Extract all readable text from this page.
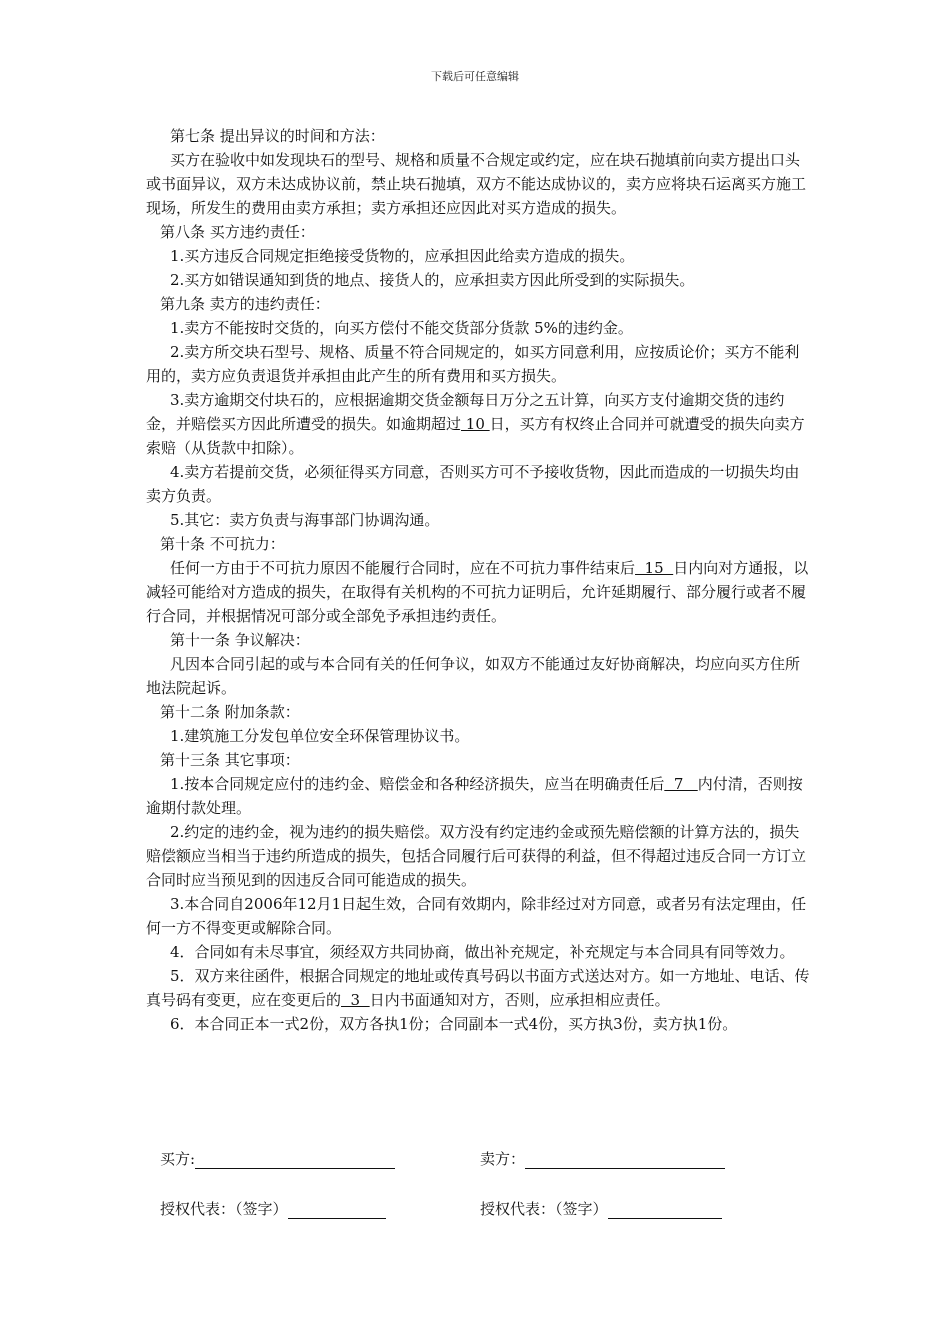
下载后可任意编辑

第七条 提出异议的时间和方法：

买方在验收中如发现块石的型号、规格和质量不合规定或约定，应在块石抛填前向卖方提出口头或书面异议，双方未达成协议前，禁止块石抛填，双方不能达成协议的，卖方应将块石运离买方施工现场，所发生的费用由卖方承担；卖方承担还应因此对买方造成的损失。

第八条 买方违约责任：

1.买方违反合同规定拒绝接受货物的，应承担因此给卖方造成的损失。

2.买方如错误通知到货的地点、接货人的，应承担卖方因此所受到的实际损失。

第九条 卖方的违约责任：

1.卖方不能按时交货的，向买方偿付不能交货部分货款 5%的违约金。

2.卖方所交块石型号、规格、质量不符合同规定的，如买方同意利用，应按质论价；买方不能利用的，卖方应负责退货并承担由此产生的所有费用和买方损失。

3.卖方逾期交付块石的，应根据逾期交货金额每日万分之五计算，向买方支付逾期交货的违约金，并赔偿买方因此所遭受的损失。如逾期超过 10 日，买方有权终止合同并可就遭受的损失向卖方索赔（从货款中扣除）。

4.卖方若提前交货，必须征得买方同意，否则买方可不予接收货物，因此而造成的一切损失均由卖方负责。

5.其它：卖方负责与海事部门协调沟通。

第十条 不可抗力：

任何一方由于不可抗力原因不能履行合同时，应在不可抗力事件结束后  15  日内向对方通报，以减轻可能给对方造成的损失，在取得有关机构的不可抗力证明后，允许延期履行、部分履行或者不履行合同，并根据情况可部分或全部免予承担违约责任。

第十一条 争议解决：

凡因本合同引起的或与本合同有关的任何争议，如双方不能通过友好协商解决，均应向买方住所地法院起诉。

第十二条 附加条款：

1.建筑施工分发包单位安全环保管理协议书。

第十三条 其它事项：

1.按本合同规定应付的违约金、赔偿金和各种经济损失，应当在明确责任后  7   内付清，否则按逾期付款处理。

2.约定的违约金，视为违约的损失赔偿。双方没有约定违约金或预先赔偿额的计算方法的，损失赔偿额应当相当于违约所造成的损失，包括合同履行后可获得的利益，但不得超过违反合同一方订立合同时应当预见到的因违反合同可能造成的损失。

3.本合同自2006年12月1日起生效，合同有效期内，除非经过对方同意，或者另有法定理由，任何一方不得变更或解除合同。

4．合同如有未尽事宜，须经双方共同协商，做出补充规定，补充规定与本合同具有同等效力。

5．双方来往函件，根据合同规定的地址或传真号码以书面方式送达对方。如一方地址、电话、传真号码有变更，应在变更后的  3  日内书面通知对方，否则，应承担相应责任。

6．本合同正本一式2份，双方各执1份；合同副本一式4份，买方执3份，卖方执1份。

买方:	卖方：
授权代表：（签字）	授权代表：（签字）
